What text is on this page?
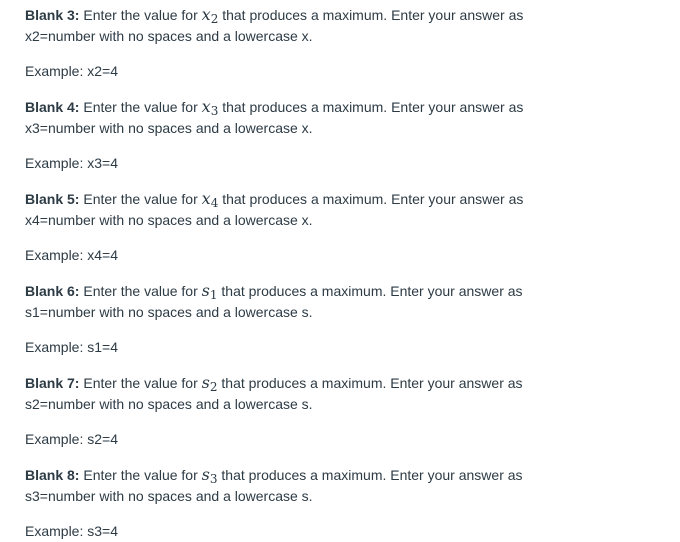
Blank 3: Enter the value for $x_2$ that produces a maximum. Enter your answer as x2=number with no spaces and a lowercase x.

Example: x2=4

Blank 4: Enter the value for $x_3$ that produces a maximum. Enter your answer as x3=number with no spaces and a lowercase x.

Example: x3=4

Blank 5: Enter the value for $x_4$ that produces a maximum. Enter your answer as x4=number with no spaces and a lowercase x.

Example: x4=4

Blank 6: Enter the value for $s_1$ that produces a maximum. Enter your answer as s1=number with no spaces and a lowercase s.

Example: s1=4

Blank 7: Enter the value for $s_2$ that produces a maximum. Enter your answer as s2=number with no spaces and a lowercase s.

Example: s2=4

Blank 8: Enter the value for $s_3$ that produces a maximum. Enter your answer as s3=number with no spaces and a lowercase s.

Example: s3=4
